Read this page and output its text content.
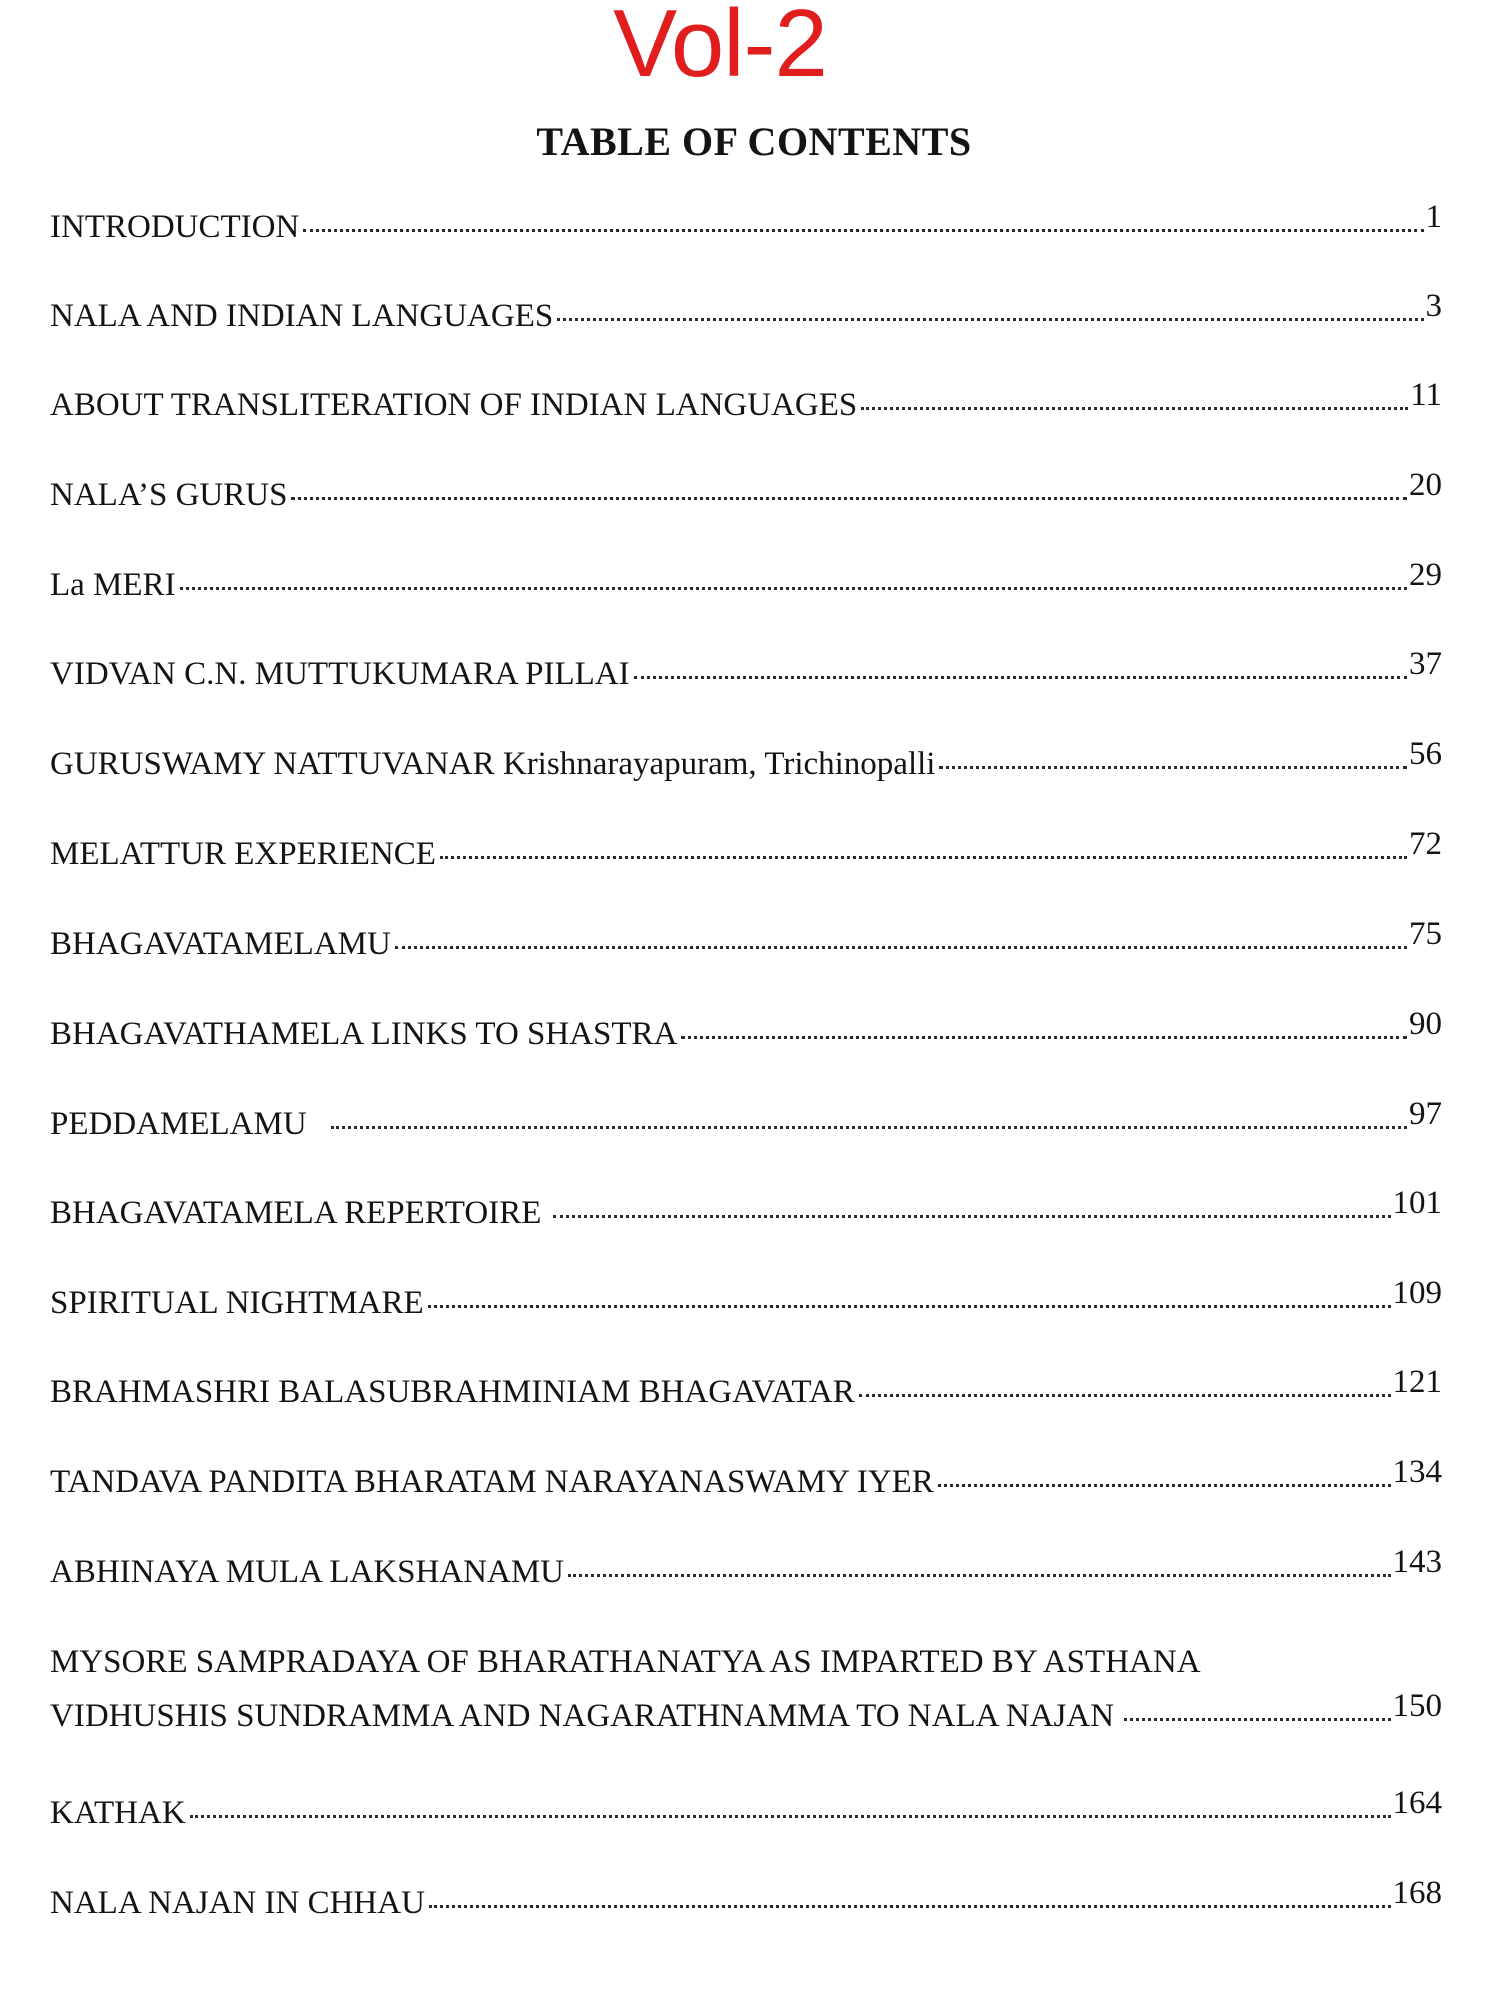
Vol-2
TABLE OF CONTENTS
INTRODUCTION	1
NALA AND INDIAN LANGUAGES	3
ABOUT TRANSLITERATION OF INDIAN LANGUAGES	11
NALA’S GURUS	20
La MERI	29
VIDVAN C.N. MUTTUKUMARA PILLAI	37
GURUSWAMY NATTUVANAR Krishnarayapuram, Trichinopalli	56
MELATTUR EXPERIENCE	72
BHAGAVATAMELAMU	75
BHAGAVATHAMELA LINKS TO SHASTRA	90
PEDDAMELAMU	97
BHAGAVATAMELA REPERTOIRE	101
SPIRITUAL NIGHTMARE	109
BRAHMASHRI BALASUBRAHMINIAM BHAGAVATAR	121
TANDAVA PANDITA BHARATAM NARAYANASWAMY IYER	134
ABHINAYA MULA LAKSHANAMU	143
MYSORE SAMPRADAYA OF BHARATHANATYA AS IMPARTED BY ASTHANA
VIDHUSHIS SUNDRAMMA AND NAGARATHNAMMA TO NALA NAJAN	150
KATHAK	164
NALA NAJAN IN CHHAU	168
